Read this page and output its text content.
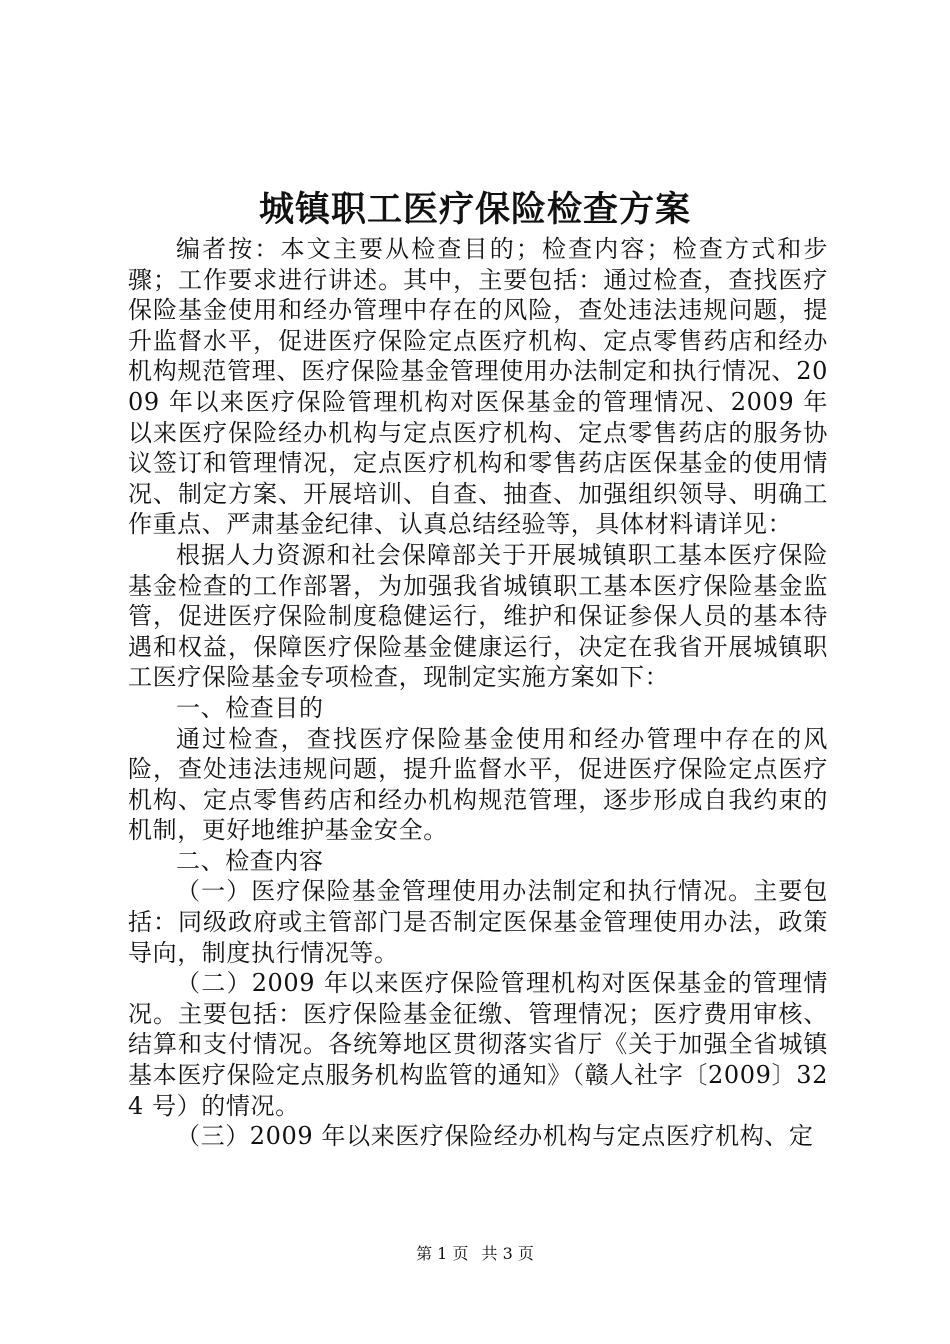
城镇职工医疗保险检查方案

编者按：本文主要从检查目的；检查内容；检查方式和步骤；工作要求进行讲述。其中，主要包括：通过检查，查找医疗保险基金使用和经办管理中存在的风险，查处违法违规问题，提升监督水平，促进医疗保险定点医疗机构、定点零售药店和经办机构规范管理、医疗保险基金管理使用办法制定和执行情况、2009 年以来医疗保险管理机构对医保基金的管理情况、2009 年以来医疗保险经办机构与定点医疗机构、定点零售药店的服务协议签订和管理情况，定点医疗机构和零售药店医保基金的使用情况、制定方案、开展培训、自查、抽查、加强组织领导、明确工作重点、严肃基金纪律、认真总结经验等，具体材料请详见：

根据人力资源和社会保障部关于开展城镇职工基本医疗保险基金检查的工作部署，为加强我省城镇职工基本医疗保险基金监管，促进医疗保险制度稳健运行，维护和保证参保人员的基本待遇和权益，保障医疗保险基金健康运行，决定在我省开展城镇职工医疗保险基金专项检查，现制定实施方案如下：

一、检查目的

通过检查，查找医疗保险基金使用和经办管理中存在的风险，查处违法违规问题，提升监督水平，促进医疗保险定点医疗机构、定点零售药店和经办机构规范管理，逐步形成自我约束的机制，更好地维护基金安全。

二、检查内容

（一）医疗保险基金管理使用办法制定和执行情况。主要包括：同级政府或主管部门是否制定医保基金管理使用办法，政策导向，制度执行情况等。

（二）2009 年以来医疗保险管理机构对医保基金的管理情况。主要包括：医疗保险基金征缴、管理情况；医疗费用审核、结算和支付情况。各统筹地区贯彻落实省厅《关于加强全省城镇基本医疗保险定点服务机构监管的通知》（赣人社字〔2009〕324 号）的情况。

（三）2009 年以来医疗保险经办机构与定点医疗机构、定

第 1 页 共 3 页
